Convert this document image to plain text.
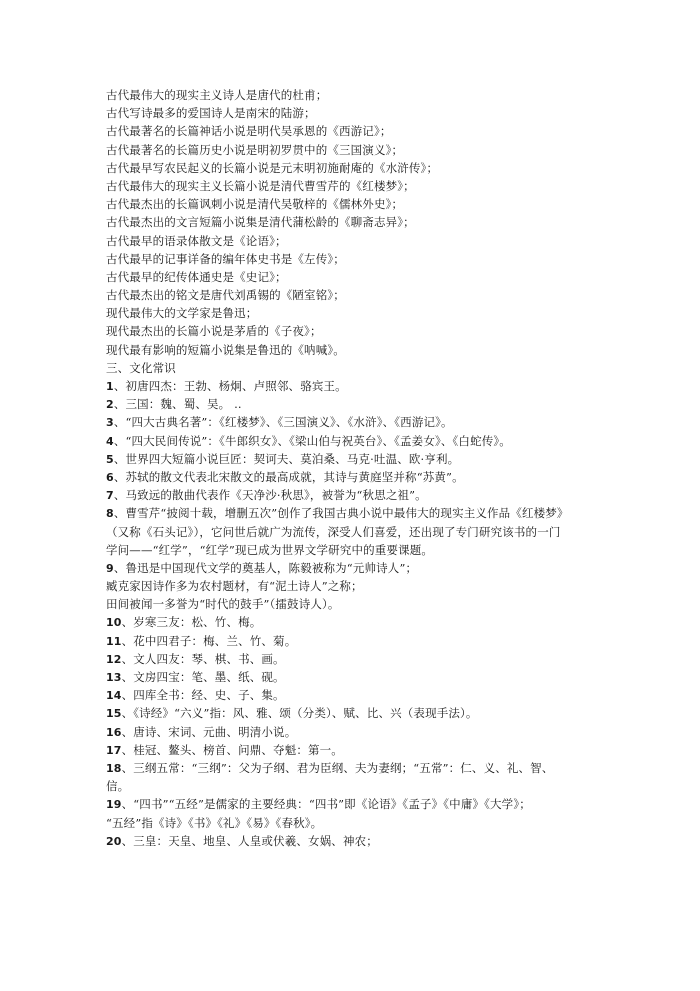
古代最伟大的现实主义诗人是唐代的杜甫；
古代写诗最多的爱国诗人是南宋的陆游；
古代最著名的长篇神话小说是明代吴承恩的《西游记》；
古代最著名的长篇历史小说是明初罗贯中的《三国演义》；
古代最早写农民起义的长篇小说是元末明初施耐庵的《水浒传》；
古代最伟大的现实主义长篇小说是清代曹雪芹的《红楼梦》；
古代最杰出的长篇讽刺小说是清代吴敬梓的《儒林外史》；
古代最杰出的文言短篇小说集是清代蒲松龄的《聊斋志异》；
古代最早的语录体散文是《论语》；
古代最早的记事详备的编年体史书是《左传》；
古代最早的纪传体通史是《史记》；
古代最杰出的铭文是唐代刘禹锡的《陋室铭》；
现代最伟大的文学家是鲁迅；
现代最杰出的长篇小说是茅盾的《子夜》；
现代最有影响的短篇小说集是鲁迅的《呐喊》。
三、文化常识
1、初唐四杰：王勃、杨炯、卢照邻、骆宾王。
2、三国：魏、蜀、吴。 ..
3、“四大古典名著”：《红楼梦》、《三国演义》、《水浒》、《西游记》。
4、“四大民间传说”：《牛郎织女》、《梁山伯与祝英台》、《孟姜女》、《白蛇传》。
5、世界四大短篇小说巨匠：契诃夫、莫泊桑、马克·吐温、欧·亨利。
6、苏轼的散文代表北宋散文的最高成就，其诗与黄庭坚并称“苏黄”。
7、马致远的散曲代表作《天净沙·秋思》，被誉为“秋思之祖”。
8、曹雪芹“披阅十载，增删五次”创作了我国古典小说中最伟大的现实主义作品《红楼梦》
（又称《石头记》），它问世后就广为流传，深受人们喜爱，还出现了专门研究该书的一门
学问——“红学”，“红学”现已成为世界文学研究中的重要课题。
9、鲁迅是中国现代文学的奠基人，陈毅被称为“元帅诗人”；
臧克家因诗作多为农村题材，有“泥土诗人”之称；
田间被闻一多誉为“时代的鼓手”（擂鼓诗人）。
10、岁寒三友：松、竹、梅。
11、花中四君子：梅、兰、竹、菊。
12、文人四友：琴、棋、书、画。
13、文房四宝：笔、墨、纸、砚。
14、四库全书：经、史、子、集。
15、《诗经》“六义”指：风、雅、颂（分类）、赋、比、兴（表现手法）。
16、唐诗、宋词、元曲、明清小说。
17、桂冠、鳌头、榜首、问鼎、夺魁：第一。
18、三纲五常：“三纲”：父为子纲、君为臣纲、夫为妻纲；“五常”：仁、义、礼、智、
信。
19、“四书”“五经”是儒家的主要经典：“四书”即《论语》《孟子》《中庸》《大学》；
“五经”指《诗》《书》《礼》《易》《春秋》。
20、三皇：天皇、地皇、人皇或伏羲、女娲、神农；
